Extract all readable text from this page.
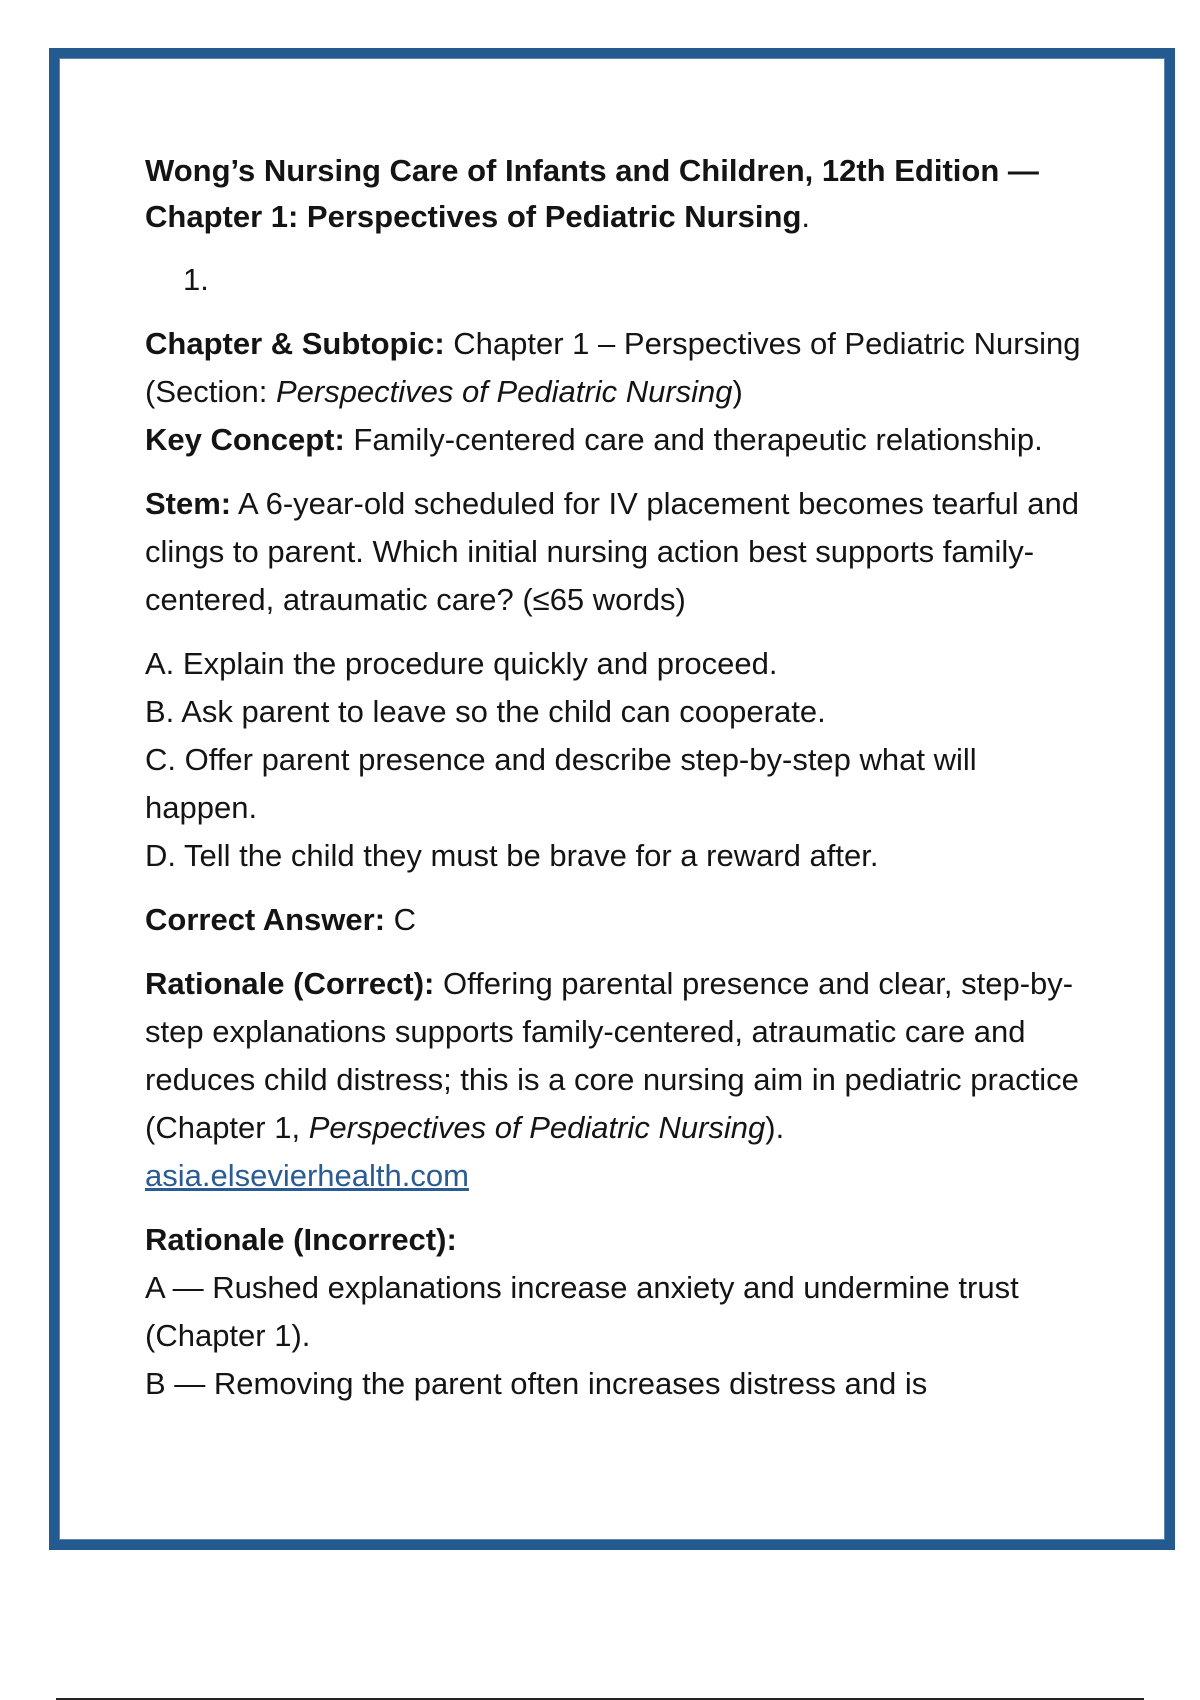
Wong’s Nursing Care of Infants and Children, 12th Edition —
Chapter 1: Perspectives of Pediatric Nursing.

1.

Chapter & Subtopic: Chapter 1 – Perspectives of Pediatric Nursing (Section: Perspectives of Pediatric Nursing)

Key Concept: Family-centered care and therapeutic relationship.

Stem: A 6-year-old scheduled for IV placement becomes tearful and clings to parent. Which initial nursing action best supports family-centered, atraumatic care? (≤65 words)

A. Explain the procedure quickly and proceed.

B. Ask parent to leave so the child can cooperate.

C. Offer parent presence and describe step-by-step what will happen.

D. Tell the child they must be brave for a reward after.

Correct Answer: C

Rationale (Correct): Offering parental presence and clear, step-by-step explanations supports family-centered, atraumatic care and reduces child distress; this is a core nursing aim in pediatric practice (Chapter 1, Perspectives of Pediatric Nursing).
asia.elsevierhealth.com

Rationale (Incorrect):

A — Rushed explanations increase anxiety and undermine trust (Chapter 1).

B — Removing the parent often increases distress and is
